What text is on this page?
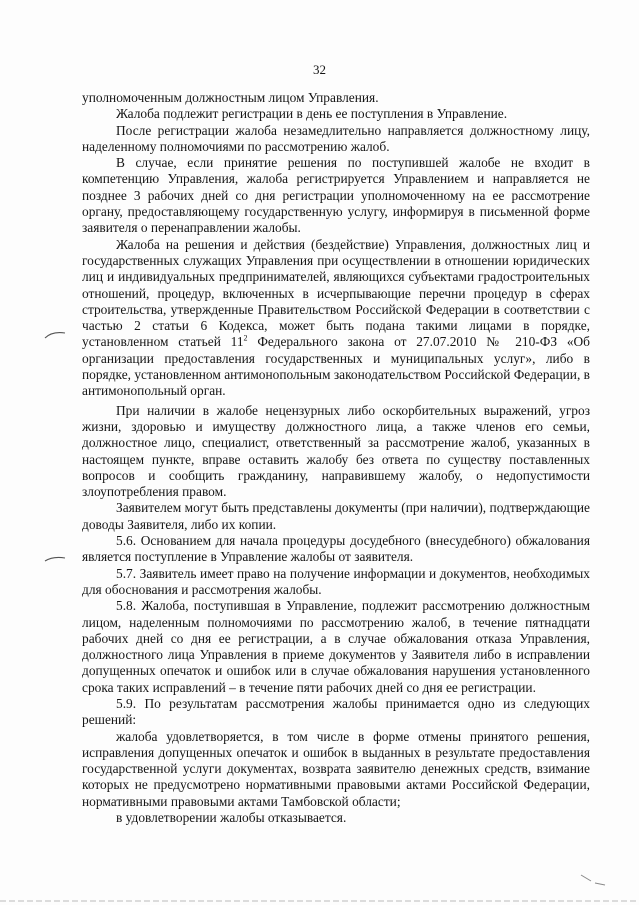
32

уполномоченным должностным лицом Управления.

Жалоба подлежит регистрации в день ее поступления в Управление.

После регистрации жалоба незамедлительно направляется должностному лицу, наделенному полномочиями по рассмотрению жалоб.

В случае, если принятие решения по поступившей жалобе не входит в компетенцию Управления, жалоба регистрируется Управлением и направляется не позднее 3 рабочих дней со дня регистрации уполномоченному на ее рассмотрение органу, предоставляющему государственную услугу, информируя в письменной форме заявителя о перенаправлении жалобы.

Жалоба на решения и действия (бездействие) Управления, должностных лиц и государственных служащих Управления при осуществлении в отношении юридических лиц и индивидуальных предпринимателей, являющихся субъектами градостроительных отношений, процедур, включенных в исчерпывающие перечни процедур в сферах строительства, утвержденные Правительством Российской Федерации в соответствии с частью 2 статьи 6 Кодекса, может быть подана такими лицами в порядке, установленном статьей $11^2$ Федерального закона от 27.07.2010 № 210-ФЗ «Об организации предоставления государственных и муниципальных услуг», либо в порядке, установленном антимонопольным законодательством Российской Федерации, в антимонопольный орган.

При наличии в жалобе нецензурных либо оскорбительных выражений, угроз жизни, здоровью и имуществу должностного лица, а также членов его семьи, должностное лицо, специалист, ответственный за рассмотрение жалоб, указанных в настоящем пункте, вправе оставить жалобу без ответа по существу поставленных вопросов и сообщить гражданину, направившему жалобу, о недопустимости злоупотребления правом.

Заявителем могут быть представлены документы (при наличии), подтверждающие доводы Заявителя, либо их копии.

5.6. Основанием для начала процедуры досудебного (внесудебного) обжалования является поступление в Управление жалобы от заявителя.

5.7. Заявитель имеет право на получение информации и документов, необходимых для обоснования и рассмотрения жалобы.

5.8. Жалоба, поступившая в Управление, подлежит рассмотрению должностным лицом, наделенным полномочиями по рассмотрению жалоб, в течение пятнадцати рабочих дней со дня ее регистрации, а в случае обжалования отказа Управления, должностного лица Управления в приеме документов у Заявителя либо в исправлении допущенных опечаток и ошибок или в случае обжалования нарушения установленного срока таких исправлений – в течение пяти рабочих дней со дня ее регистрации.

5.9. По результатам рассмотрения жалобы принимается одно из следующих решений:

жалоба удовлетворяется, в том числе в форме отмены принятого решения, исправления допущенных опечаток и ошибок в выданных в результате предоставления государственной услуги документах, возврата заявителю денежных средств, взимание которых не предусмотрено нормативными правовыми актами Российской Федерации, нормативными правовыми актами Тамбовской области;

в удовлетворении жалобы отказывается.
